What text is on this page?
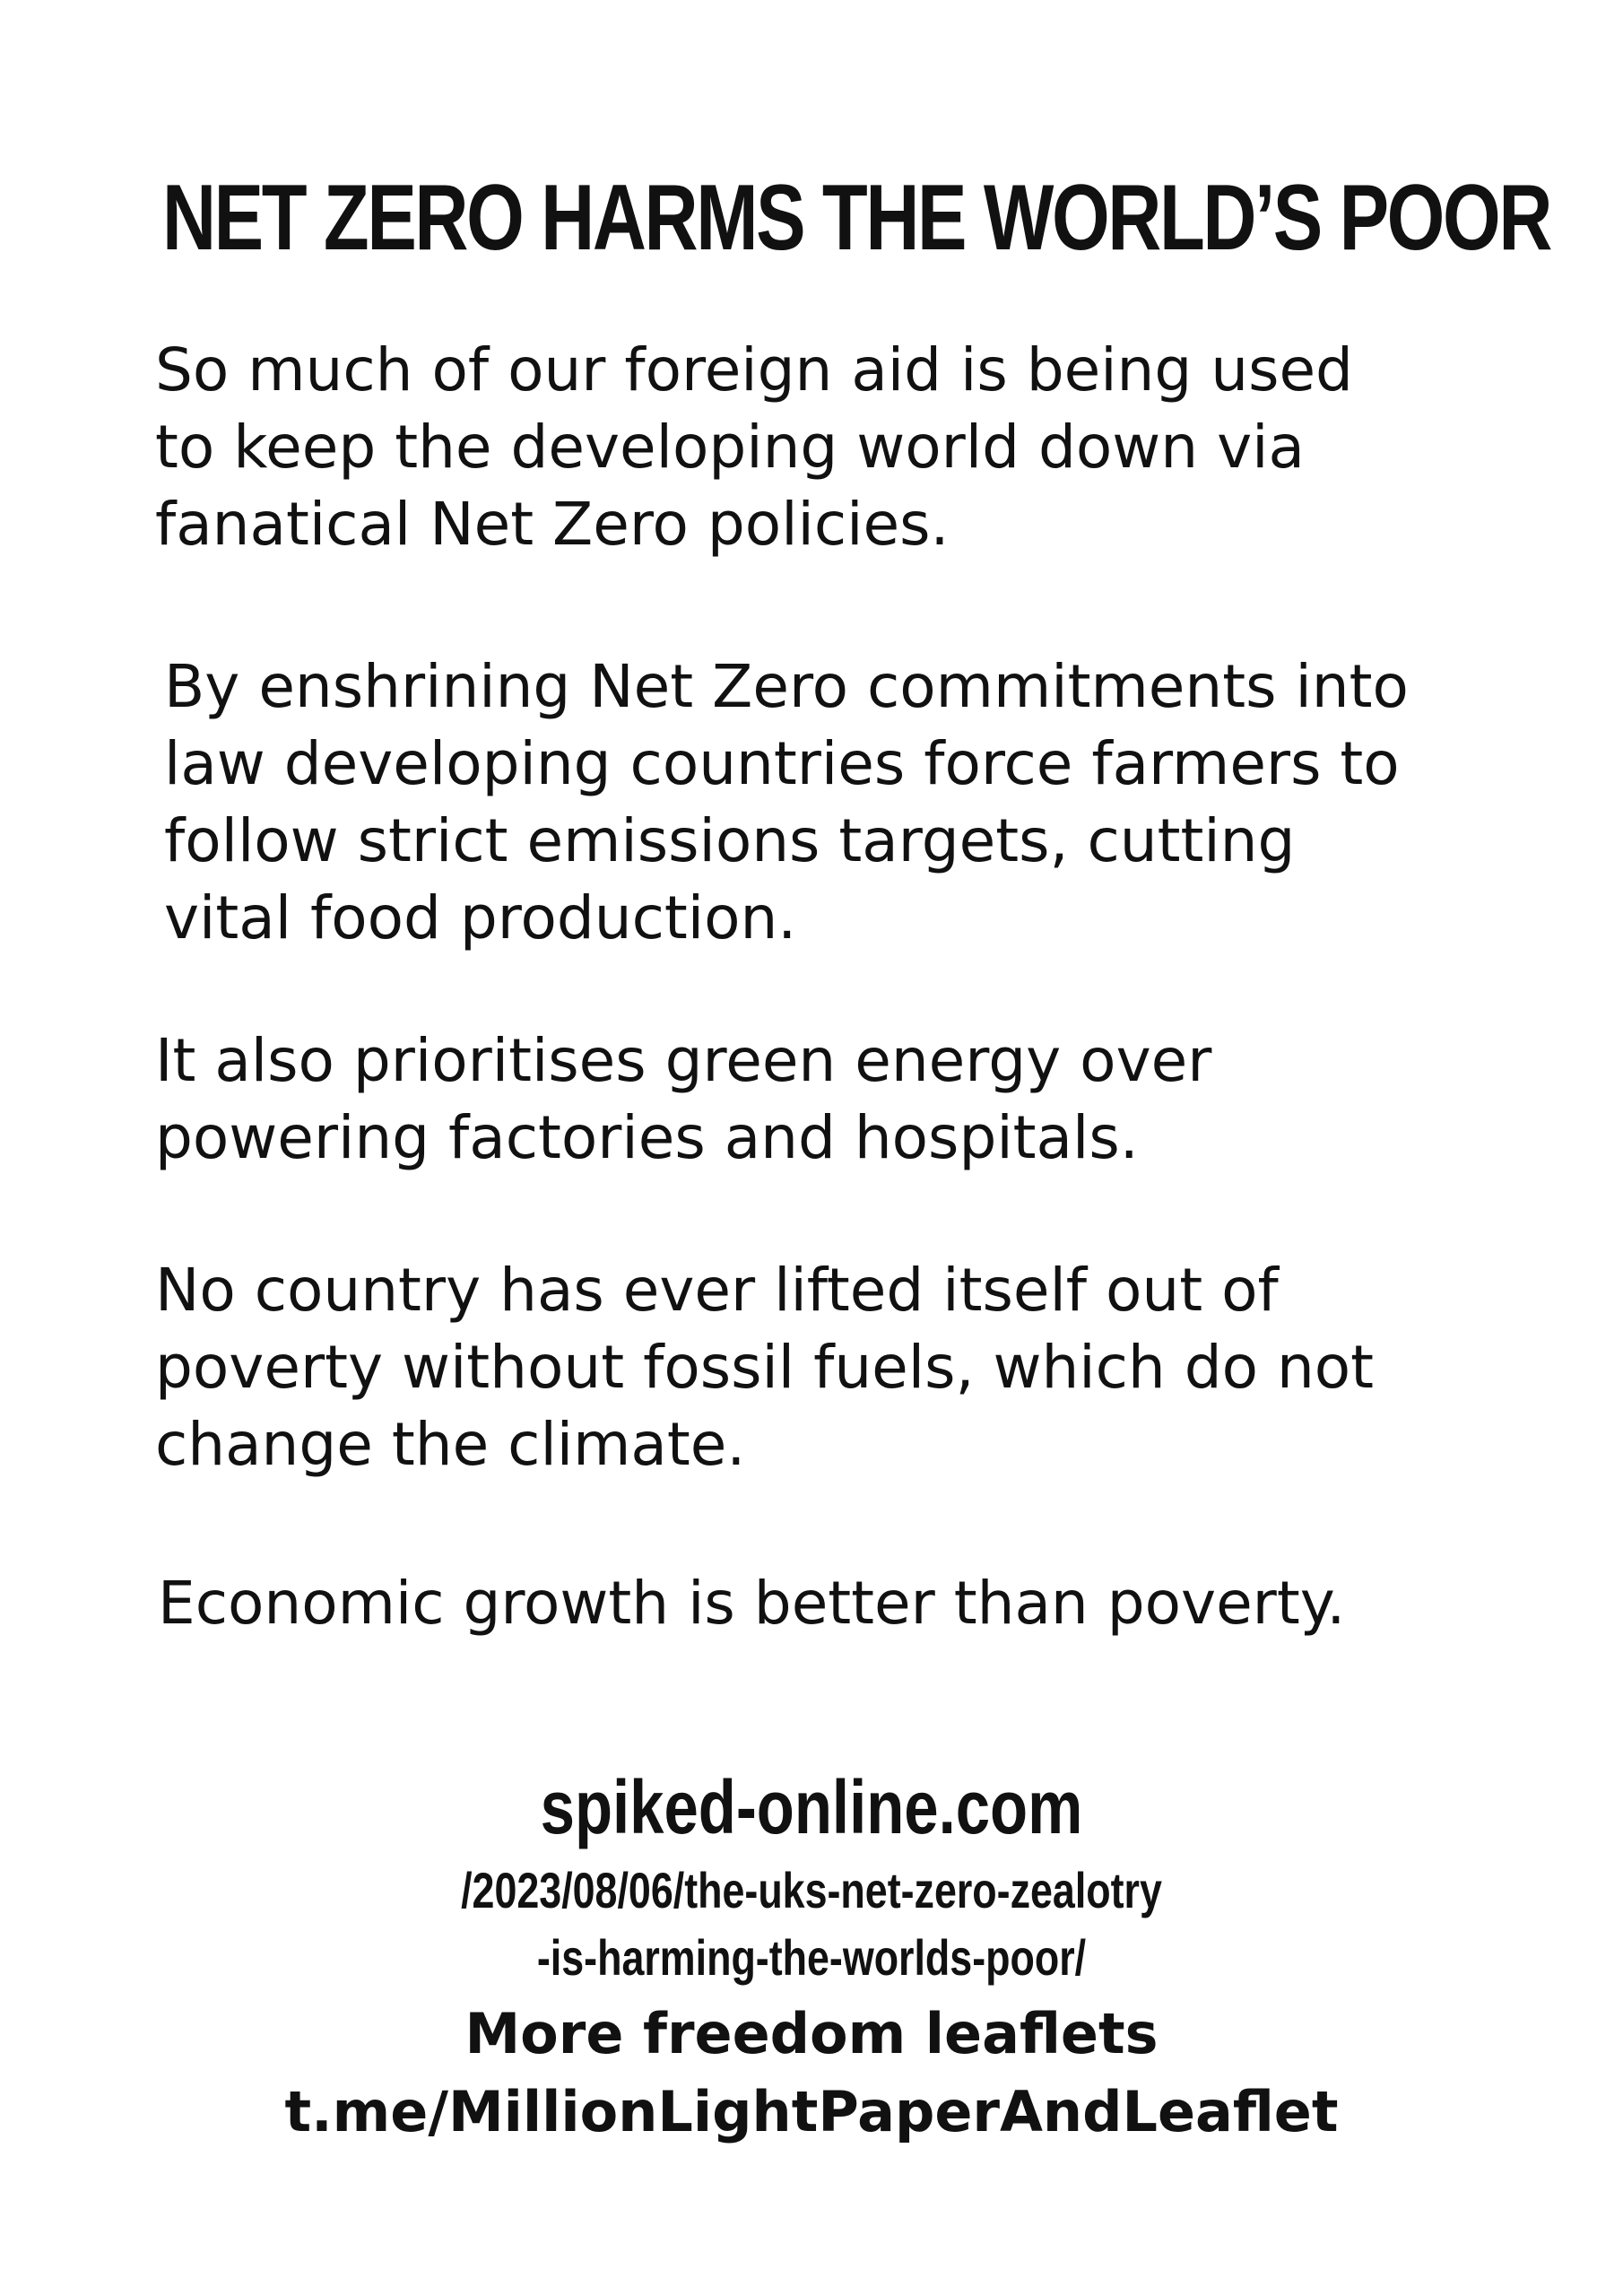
NET ZERO HARMS THE WORLD’S POOR

So much of our foreign aid is being used
to keep the developing world down via
fanatical Net Zero policies.

By enshrining Net Zero commitments into
law developing countries force farmers to
follow strict emissions targets, cutting
vital food production.

It also prioritises green energy over
powering factories and hospitals.

No country has ever lifted itself out of
poverty without fossil fuels, which do not
change the climate.

Economic growth is better than poverty.

spiked-online.com

/2023/08/06/the-uks-net-zero-zealotry

-is-harming-the-worlds-poor/

More freedom leaflets

t.me/MillionLightPaperAndLeaflet
